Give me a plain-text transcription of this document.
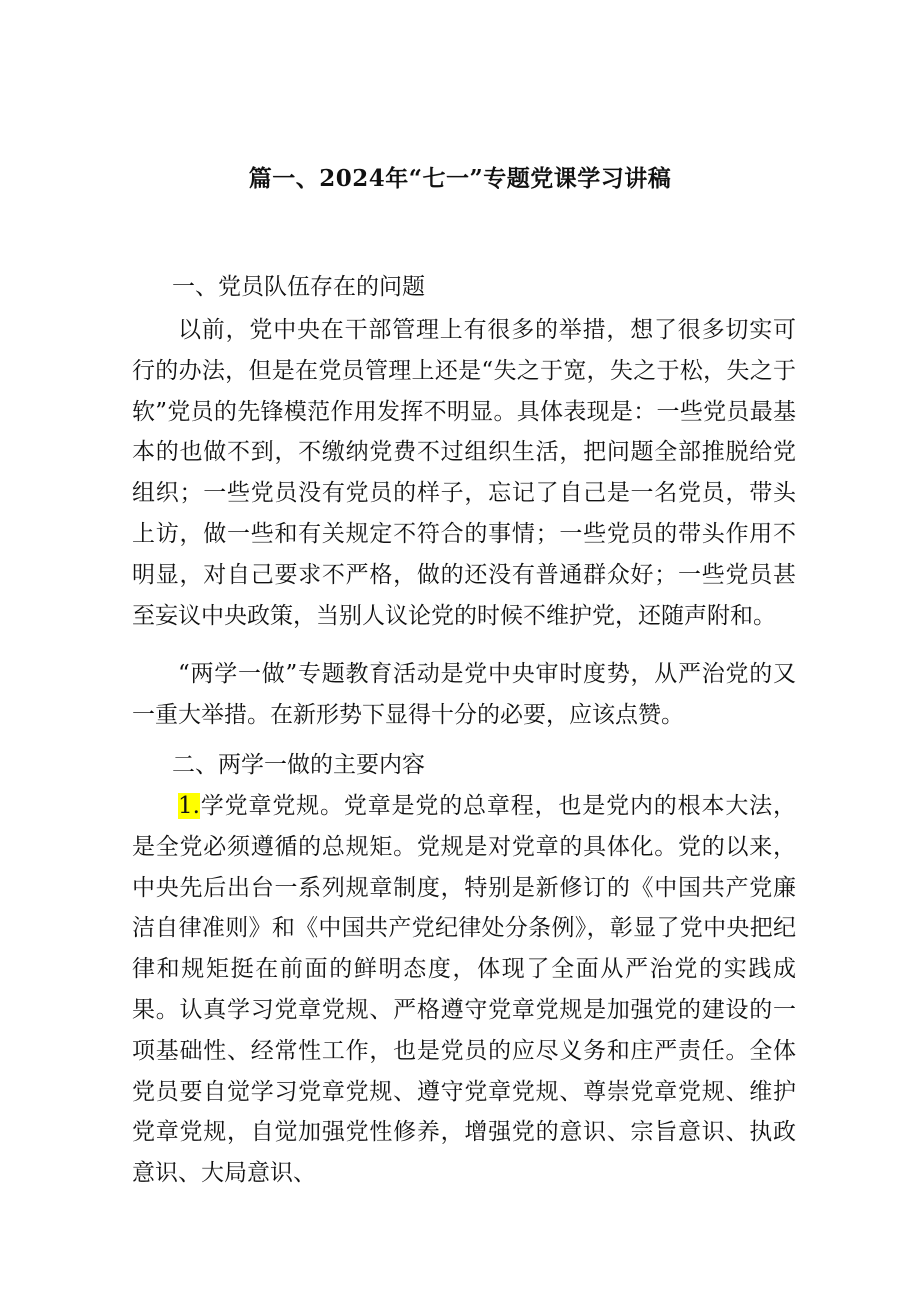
篇一、2024年“七一”专题党课学习讲稿
一、党员队伍存在的问题

以前，党中央在干部管理上有很多的举措，想了很多切实可行的办法，但是在党员管理上还是“失之于宽，失之于松，失之于软”党员的先锋模范作用发挥不明显。具体表现是：一些党员最基本的也做不到，不缴纳党费不过组织生活，把问题全部推脱给党组织；一些党员没有党员的样子，忘记了自己是一名党员，带头上访，做一些和有关规定不符合的事情；一些党员的带头作用不明显，对自己要求不严格，做的还没有普通群众好；一些党员甚至妄议中央政策，当别人议论党的时候不维护党，还随声附和。

“两学一做”专题教育活动是党中央审时度势，从严治党的又一重大举措。在新形势下显得十分的必要，应该点赞。

二、两学一做的主要内容

1.学党章党规。党章是党的总章程，也是党内的根本大法，是全党必须遵循的总规矩。党规是对党章的具体化。党的以来，中央先后出台一系列规章制度，特别是新修订的《中国共产党廉洁自律准则》和《中国共产党纪律处分条例》，彰显了党中央把纪律和规矩挺在前面的鲜明态度，体现了全面从严治党的实践成果。认真学习党章党规、严格遵守党章党规是加强党的建设的一项基础性、经常性工作，也是党员的应尽义务和庄严责任。全体党员要自觉学习党章党规、遵守党章党规、尊崇党章党规、维护党章党规，自觉加强党性修养，增强党的意识、宗旨意识、执政意识、大局意识、
